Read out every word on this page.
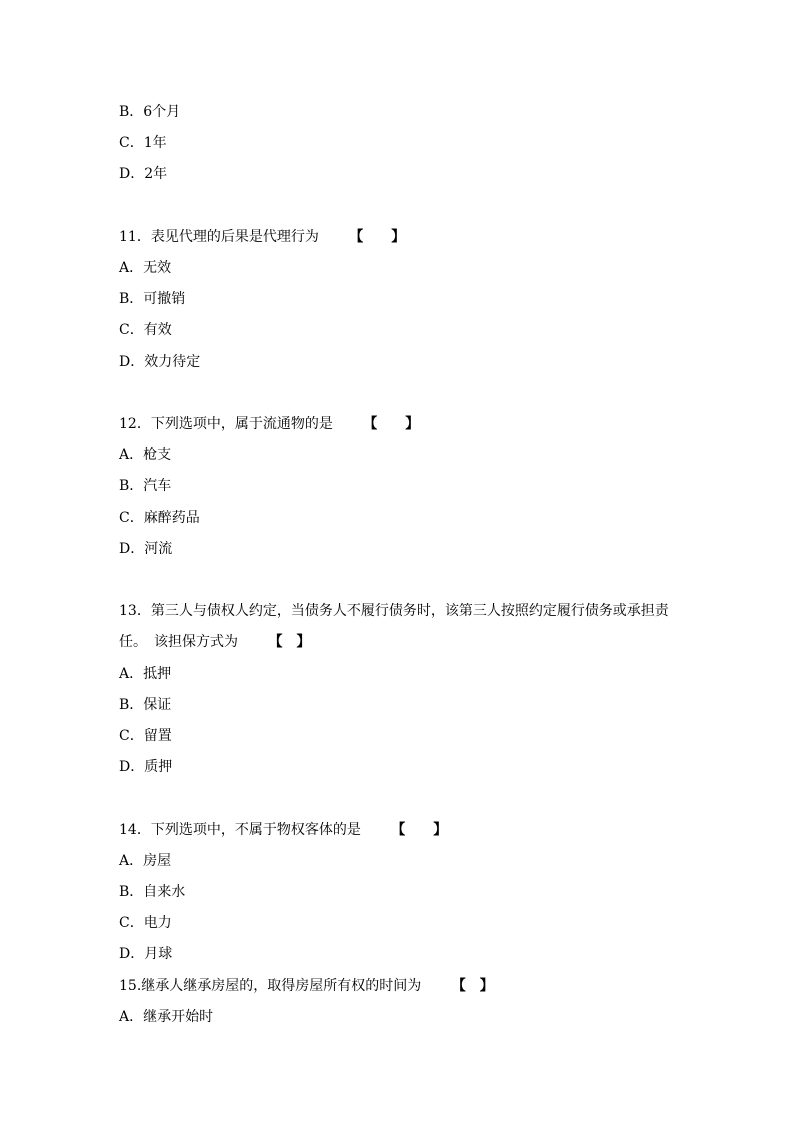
B．6个月
C．1年
D．2年
11．表见代理的后果是代理行为 【　　】
A．无效
B．可撤销
C．有效
D．效力待定
12．下列选项中，属于流通物的是 【　　】
A．枪支
B．汽车
C．麻醉药品
D．河流
13．第三人与债权人约定，当债务人不履行债务时，该第三人按照约定履行债务或承担责
任。　该担保方式为 【　】
A．抵押
B．保证
C．留置
D．质押
14．下列选项中，不属于物权客体的是 【　　】
A．房屋
B．自来水
C．电力
D．月球
15.继承人继承房屋的，取得房屋所有权的时间为 【　】
A．继承开始时
